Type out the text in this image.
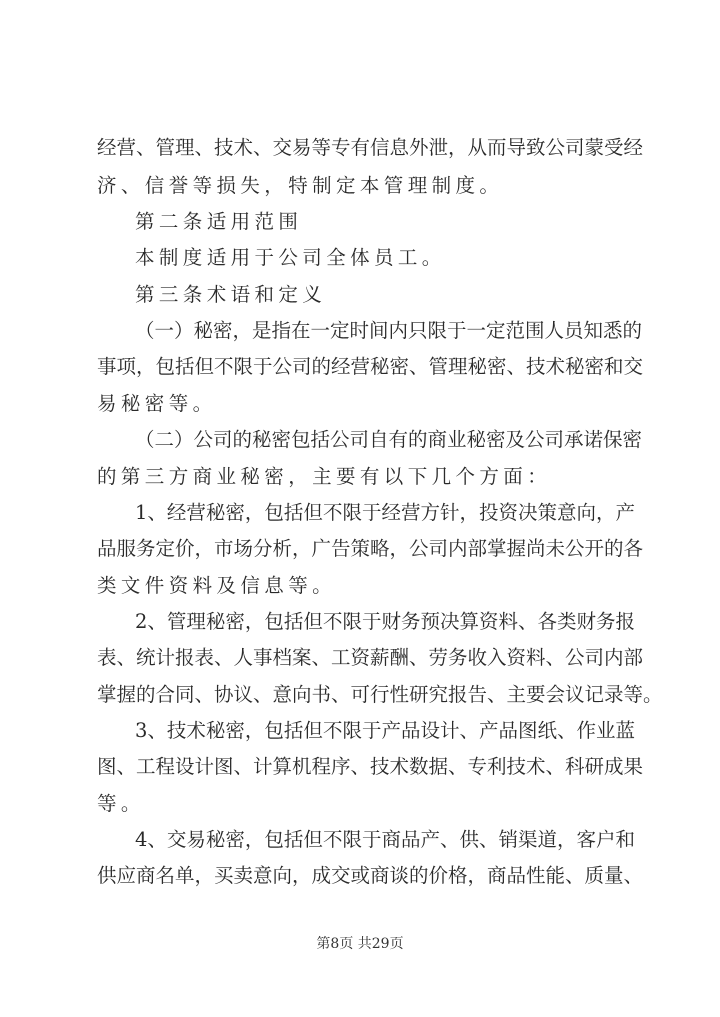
经营、管理、技术、交易等专有信息外泄，从而导致公司蒙受经
济、信誉等损失，特制定本管理制度。
第二条适用范围
本制度适用于公司全体员工。
第三条术语和定义
（一）秘密，是指在一定时间内只限于一定范围人员知悉的
事项，包括但不限于公司的经营秘密、管理秘密、技术秘密和交
易秘密等。
（二）公司的秘密包括公司自有的商业秘密及公司承诺保密
的第三方商业秘密，主要有以下几个方面：
1、经营秘密，包括但不限于经营方针，投资决策意向，产
品服务定价，市场分析，广告策略，公司内部掌握尚未公开的各
类文件资料及信息等。
2、管理秘密，包括但不限于财务预决算资料、各类财务报
表、统计报表、人事档案、工资薪酬、劳务收入资料、公司内部
掌握的合同、协议、意向书、可行性研究报告、主要会议记录等。
3、技术秘密，包括但不限于产品设计、产品图纸、作业蓝
图、工程设计图、计算机程序、技术数据、专利技术、科研成果
等。
4、交易秘密，包括但不限于商品产、供、销渠道，客户和
供应商名单，买卖意向，成交或商谈的价格，商品性能、质量、
第8页 共29页
